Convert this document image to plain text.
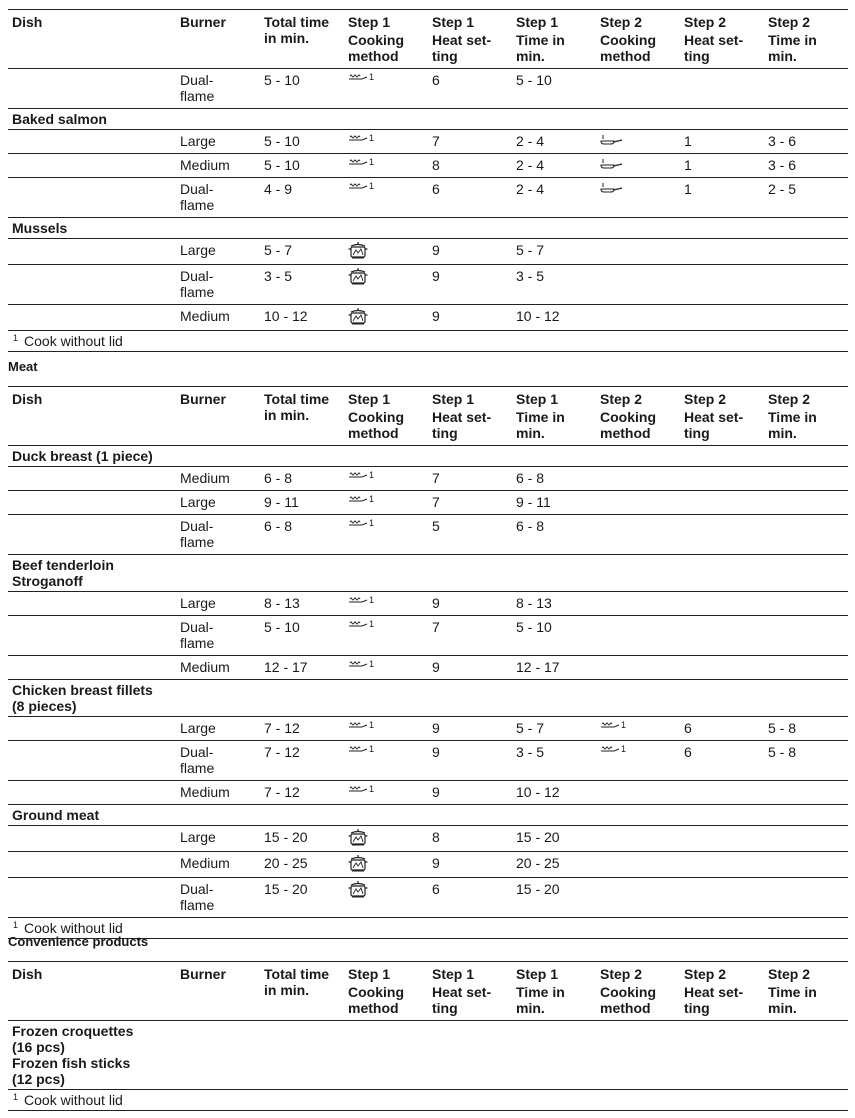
Dish	Burner	Total time
in min.	Step 1
Cooking
method	Step 1
Heat set-
ting	Step 1
Time in
min.	Step 2
Cooking
method	Step 2
Heat set-
ting	Step 2
Time in
min.

	Dual-
flame	5 - 10	$^1$	6	5 - 10			
Baked salmon								
	Large	5 - 10	$^1$	7	2 - 4		1	3 - 6
	Medium	5 - 10	$^1$	8	2 - 4		1	3 - 6
	Dual-
flame	4 - 9	$^1$	6	2 - 4		1	2 - 5
Mussels								
	Large	5 - 7		9	5 - 7			
	Dual-
flame	3 - 5		9	3 - 5			
	Medium	10 - 12		9	10 - 12			
$^1$ Cook without lid								
Meat
Dish	Burner	Total time
in min.	Step 1
Cooking
method	Step 1
Heat set-
ting	Step 1
Time in
min.	Step 2
Cooking
method	Step 2
Heat set-
ting	Step 2
Time in
min.

Duck breast (1 piece)								
	Medium	6 - 8	$^1$	7	6 - 8			
	Large	9 - 11	$^1$	7	9 - 11			
	Dual-
flame	6 - 8	$^1$	5	6 - 8			
Beef tenderloin
Stroganoff								
	Large	8 - 13	$^1$	9	8 - 13			
	Dual-
flame	5 - 10	$^1$	7	5 - 10			
	Medium	12 - 17	$^1$	9	12 - 17			
Chicken breast fillets
(8 pieces)								
	Large	7 - 12	$^1$	9	5 - 7	$^1$	6	5 - 8
	Dual-
flame	7 - 12	$^1$	9	3 - 5	$^1$	6	5 - 8
	Medium	7 - 12	$^1$	9	10 - 12			
Ground meat								
	Large	15 - 20		8	15 - 20			
	Medium	20 - 25		9	20 - 25			
	Dual-
flame	15 - 20		6	15 - 20			
$^1$ Cook without lid								
Convenience products
Dish	Burner	Total time
in min.	Step 1
Cooking
method
	Step 1
Heat set-
ting
	Step 1
Time in
min.
	Step 2
Cooking
method
	Step 2
Heat set-
ting
	Step 2
Time in
min.

Frozen croquettes
(16 pcs)
Frozen fish sticks
(12 pcs)
$^1$ Cook without lid
